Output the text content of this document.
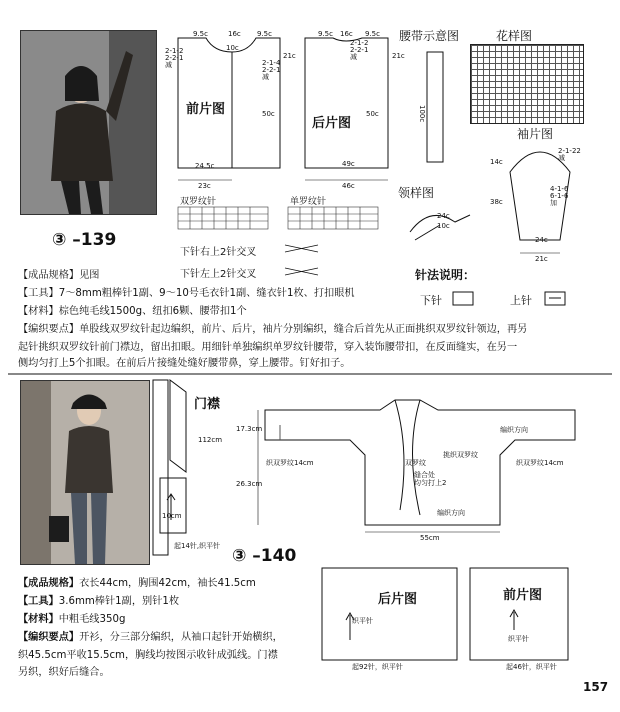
③ –139
前片图
后片图
腰带示意图	花样图
袖片图
领样图
双罗纹针	单罗纹针
9.5c	16c 9.5c
10c
2-1-2
2-2-1
减	2-1-4
2-2-1
减
21c
50c
24.5c
23c
9.5c 16c 9.5c
2-1-2
2-2-1
减	21c
50c
49c
46c
100c
14c
2-1-22
减
38c
4-1-6
6-1-6
加
24c
21c
24c
10c
下针右上2针交叉
下针左上2针交叉	针法说明：
下针	上针
【成品规格】见图
【工具】7～8mm粗棒针1副、9～10号毛衣针1副、缝衣针1枚、打扣眼机
【材料】棕色纯毛线1500g、纽扣6颗、腰带扣1个
【编织要点】单股线双罗纹针起边编织，前片、后片，袖片分别编织，缝合后首先从正面挑织双罗纹针领边，再另
起针挑织双罗纹针前门襟边，留出扣眼。用细针单独编织单罗纹针腰带，穿入装饰腰带扣，在反面缝实，在另一
侧均匀打上5个扣眼。在前后片接缝处缝好腰带鼻，穿上腰带。钉好扣子。
③ –140
门襟
112cm
10cm
起14针,织平针
17.3cm
26.3cm
55cm
织双罗纹14cm	织双罗纹14cm
编织方向
编织方向
双罗纹
挑织双罗纹
缝合处
均匀打上2
后片图
织平针
起92针，织平针
前片图
织平针
起46针，织平针
【成品规格】衣长44cm，胸围42cm，袖长41.5cm
【工具】3.6mm棒针1副，别针1枚
【材料】中粗毛线350g
【编织要点】开衫，分三部分编织，从袖口起针开始横织，
织45.5cm平收15.5cm，胸线均按图示收针成弧线。门襟
另织，织好后缝合。
157
